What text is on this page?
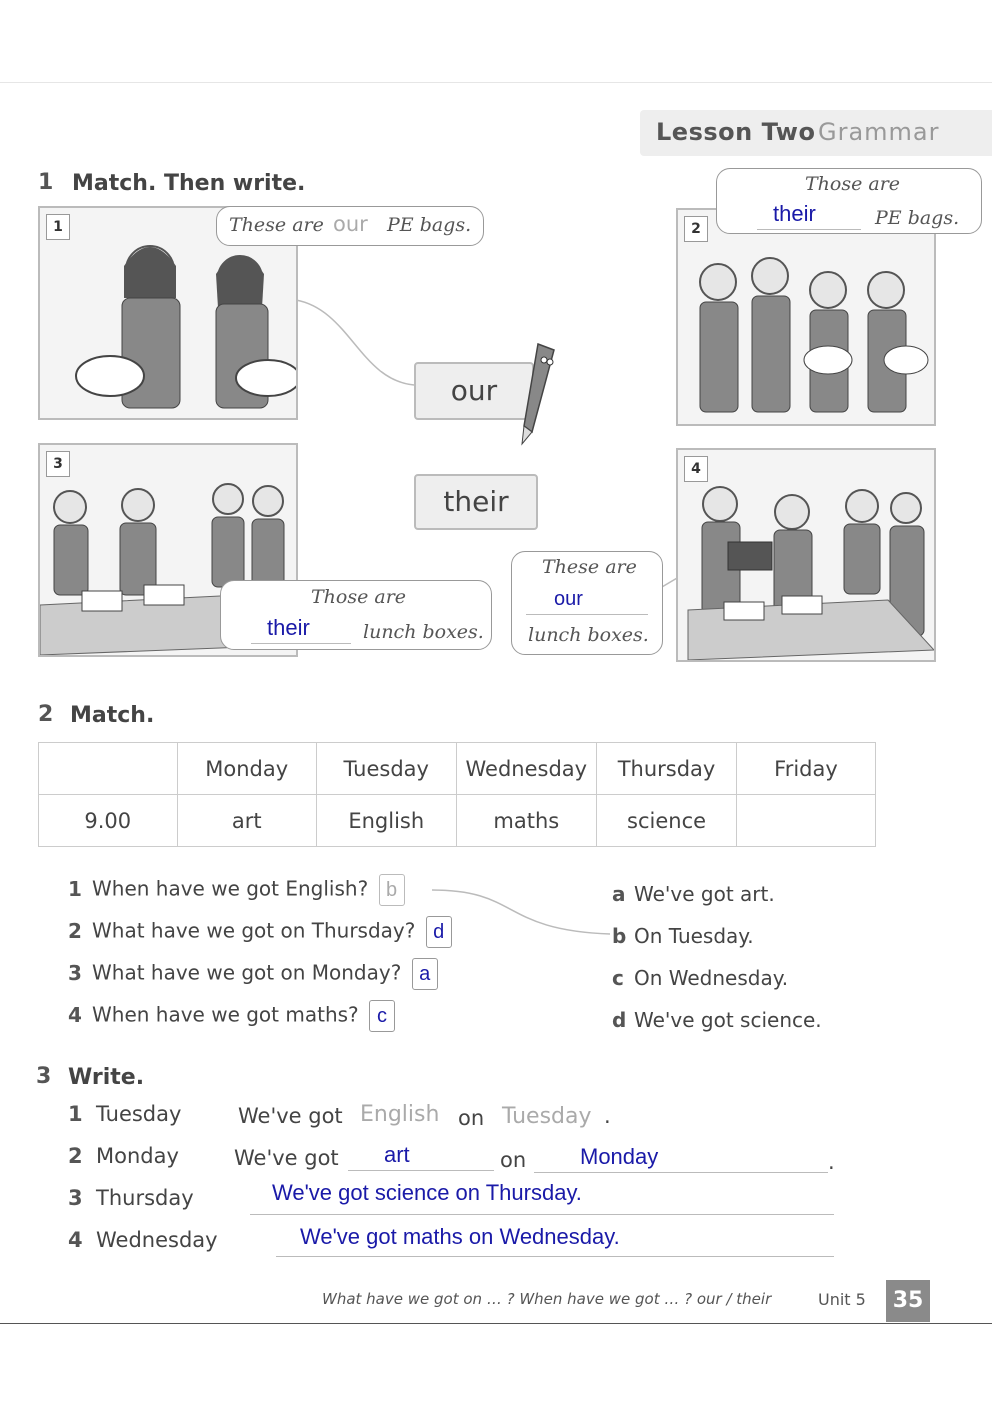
Lesson Two Grammar
1 Match. Then write.
1	These are our PE bags.	2
Those are
their	PE bags.
our
their
3
Those are
their	lunch boxes.
These are
our
lunch boxes.
4
2 Match.
	Monday	Tuesday	Wednesday	Thursday	Friday
9.00	art	English	maths	science	
1 When have we got English? b
2 What have we got on Thursday? d
3 What have we got on Monday? a
4 When have we got maths? c
a We've got art.
b On Tuesday.
c On Wednesday.
d We've got science.
3 Write.
1 Tuesday	We've got English on Tuesday .
2 Monday	We've got art	on Monday	.
3 Thursday	We've got science on Thursday.
4 Wednesday	We've got maths on Wednesday.
What have we got on … ? When have we got … ? our / their	Unit 5	35
